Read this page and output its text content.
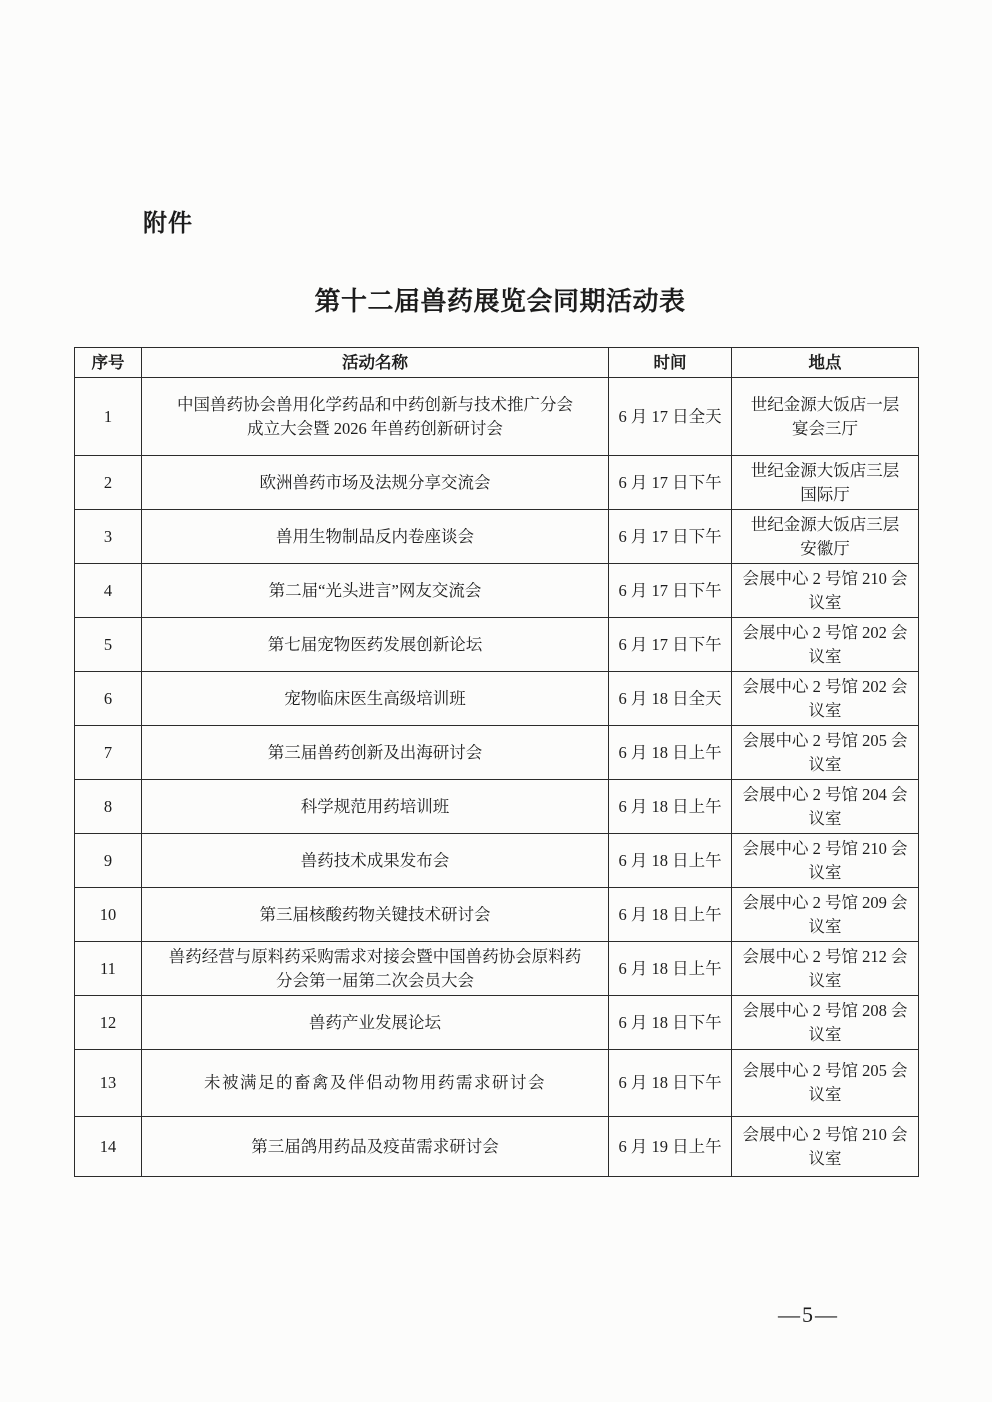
附件
第十二届兽药展览会同期活动表
序号	活动名称	时间	地点
1	中国兽药协会兽用化学药品和中药创新与技术推广分会
成立大会暨 2026 年兽药创新研讨会	6 月 17 日全天	世纪金源大饭店一层
宴会三厅
2	欧洲兽药市场及法规分享交流会	6 月 17 日下午	世纪金源大饭店三层
国际厅
3	兽用生物制品反内卷座谈会	6 月 17 日下午	世纪金源大饭店三层
安徽厅
4	第二届“光头进言”网友交流会	6 月 17 日下午	会展中心 2 号馆 210 会
议室
5	第七届宠物医药发展创新论坛	6 月 17 日下午	会展中心 2 号馆 202 会
议室
6	宠物临床医生高级培训班	6 月 18 日全天	会展中心 2 号馆 202 会
议室
7	第三届兽药创新及出海研讨会	6 月 18 日上午	会展中心 2 号馆 205 会
议室
8	科学规范用药培训班	6 月 18 日上午	会展中心 2 号馆 204 会
议室
9	兽药技术成果发布会	6 月 18 日上午	会展中心 2 号馆 210 会
议室
10	第三届核酸药物关键技术研讨会	6 月 18 日上午	会展中心 2 号馆 209 会
议室
11	兽药经营与原料药采购需求对接会暨中国兽药协会原料药
分会第一届第二次会员大会	6 月 18 日上午	会展中心 2 号馆 212 会
议室
12	兽药产业发展论坛	6 月 18 日下午	会展中心 2 号馆 208 会
议室
13	未被满足的畜禽及伴侣动物用药需求研讨会	6 月 18 日下午	会展中心 2 号馆 205 会
议室
14	第三届鸽用药品及疫苗需求研讨会	6 月 19 日上午	会展中心 2 号馆 210 会
议室
—5—
